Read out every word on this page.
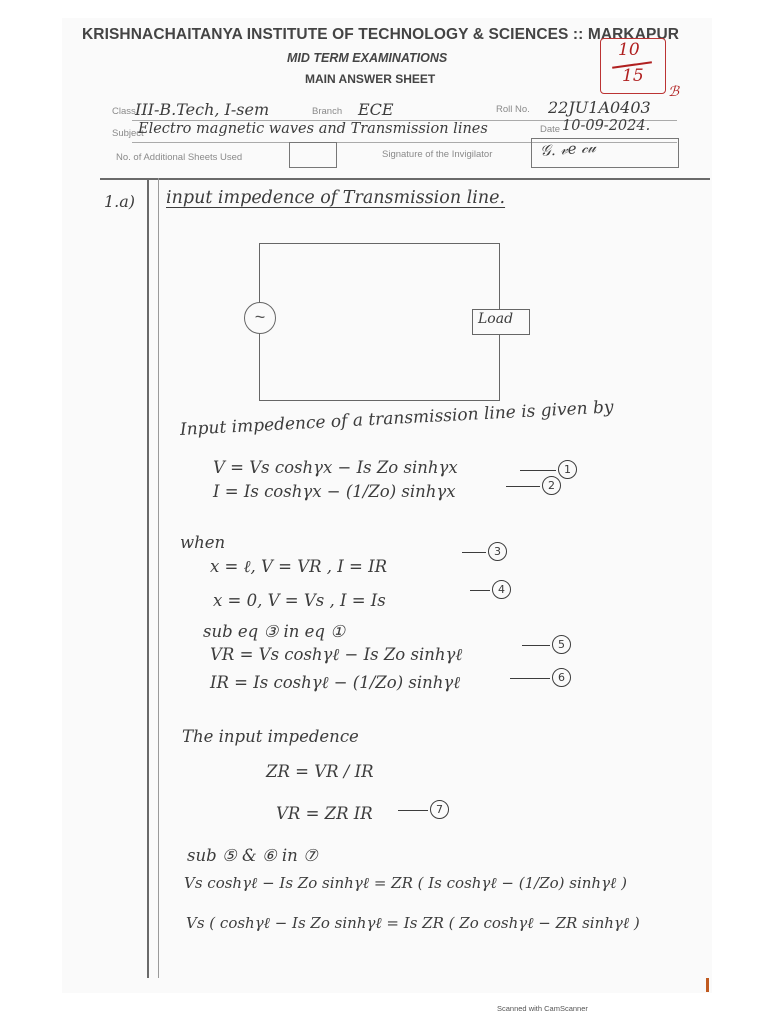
KRISHNACHAITANYA INSTITUTE OF TECHNOLOGY & SCIENCES :: MARKAPUR
MID TERM EXAMINATIONS
MAIN ANSWER SHEET
10
15
ℬ
Class III-B.Tech, I-sem	Branch ECE	Roll No. 22JU1A0403
Subject
Electro magnetic waves and Transmission lines	Date 10-09-2024.
No. of Additional Sheets Used	Signature of the Invigilator	𝒢. 𝓋𝑒 𝒸𝓊
1.a) input impedence of Transmission line.
~	Load
Input impedence of a transmission line is given by
V = Vs coshγx − Is Zo sinhγx	1
I = Is coshγx − (1/Zo) sinhγx	2
when
x = ℓ, V = VR , I = IR
3
x = 0, V = Vs , I = Is
4
sub eq ③ in eq ①
VR = Vs coshγℓ − Is Zo sinhγℓ
5
IR = Is coshγℓ − (1/Zo) sinhγℓ	6
The input impedence
ZR = VR / IR
VR = ZR IR	7
sub ⑤ & ⑥ in ⑦
Vs coshγℓ − Is Zo sinhγℓ = ZR ( Is coshγℓ − (1/Zo) sinhγℓ )
Vs ( coshγℓ − Is Zo sinhγℓ = Is ZR ( Zo coshγℓ − ZR sinhγℓ )
Scanned with CamScanner
